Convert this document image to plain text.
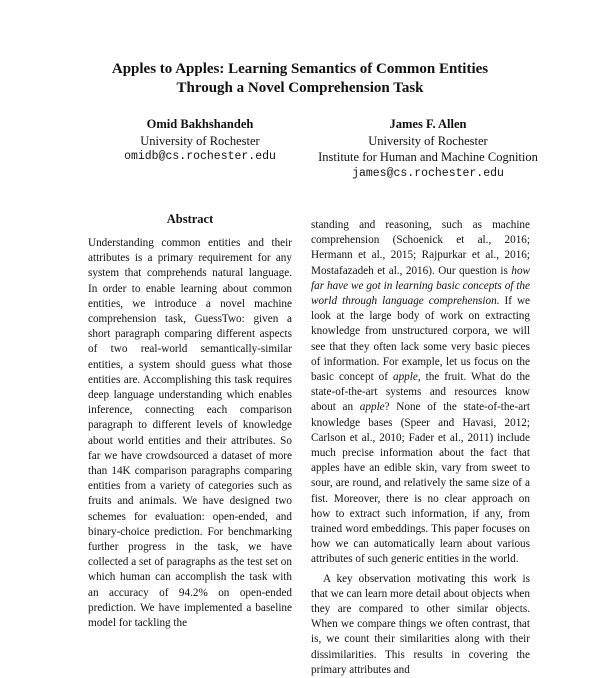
Apples to Apples: Learning Semantics of Common Entities
Through a Novel Comprehension Task
Omid Bakhshandeh
University of Rochester
omidb@cs.rochester.edu
James F. Allen
University of Rochester
Institute for Human and Machine Cognition
james@cs.rochester.edu
Abstract
Understanding common entities and their attributes is a primary requirement for any system that comprehends natural language. In order to enable learning about common entities, we introduce a novel machine comprehension task, GuessTwo: given a short paragraph comparing different aspects of two real-world semantically-similar entities, a system should guess what those entities are. Accomplishing this task requires deep language understanding which enables inference, connecting each comparison paragraph to different levels of knowledge about world entities and their attributes. So far we have crowdsourced a dataset of more than 14K comparison paragraphs comparing entities from a variety of categories such as fruits and animals. We have designed two schemes for evaluation: open-ended, and binary-choice prediction. For benchmarking further progress in the task, we have collected a set of paragraphs as the test set on which human can accomplish the task with an accuracy of 94.2% on open-ended prediction. We have implemented a baseline model for tackling the

standing and reasoning, such as machine comprehension (Schoenick et al., 2016; Hermann et al., 2015; Rajpurkar et al., 2016; Mostafazadeh et al., 2016). Our question is how far have we got in learning basic concepts of the world through language comprehension. If we look at the large body of work on extracting knowledge from unstructured corpora, we will see that they often lack some very basic pieces of information. For example, let us focus on the basic concept of apple, the fruit. What do the state-of-the-art systems and resources know about an apple? None of the state-of-the-art knowledge bases (Speer and Havasi, 2012; Carlson et al., 2010; Fader et al., 2011) include much precise information about the fact that apples have an edible skin, vary from sweet to sour, are round, and relatively the same size of a fist. Moreover, there is no clear approach on how to extract such information, if any, from trained word embeddings. This paper focuses on how we can automatically learn about various attributes of such generic entities in the world.

A key observation motivating this work is that we can learn more detail about objects when they are compared to other similar objects. When we compare things we often contrast, that is, we count their similarities along with their dissimilarities. This results in covering the primary attributes and
